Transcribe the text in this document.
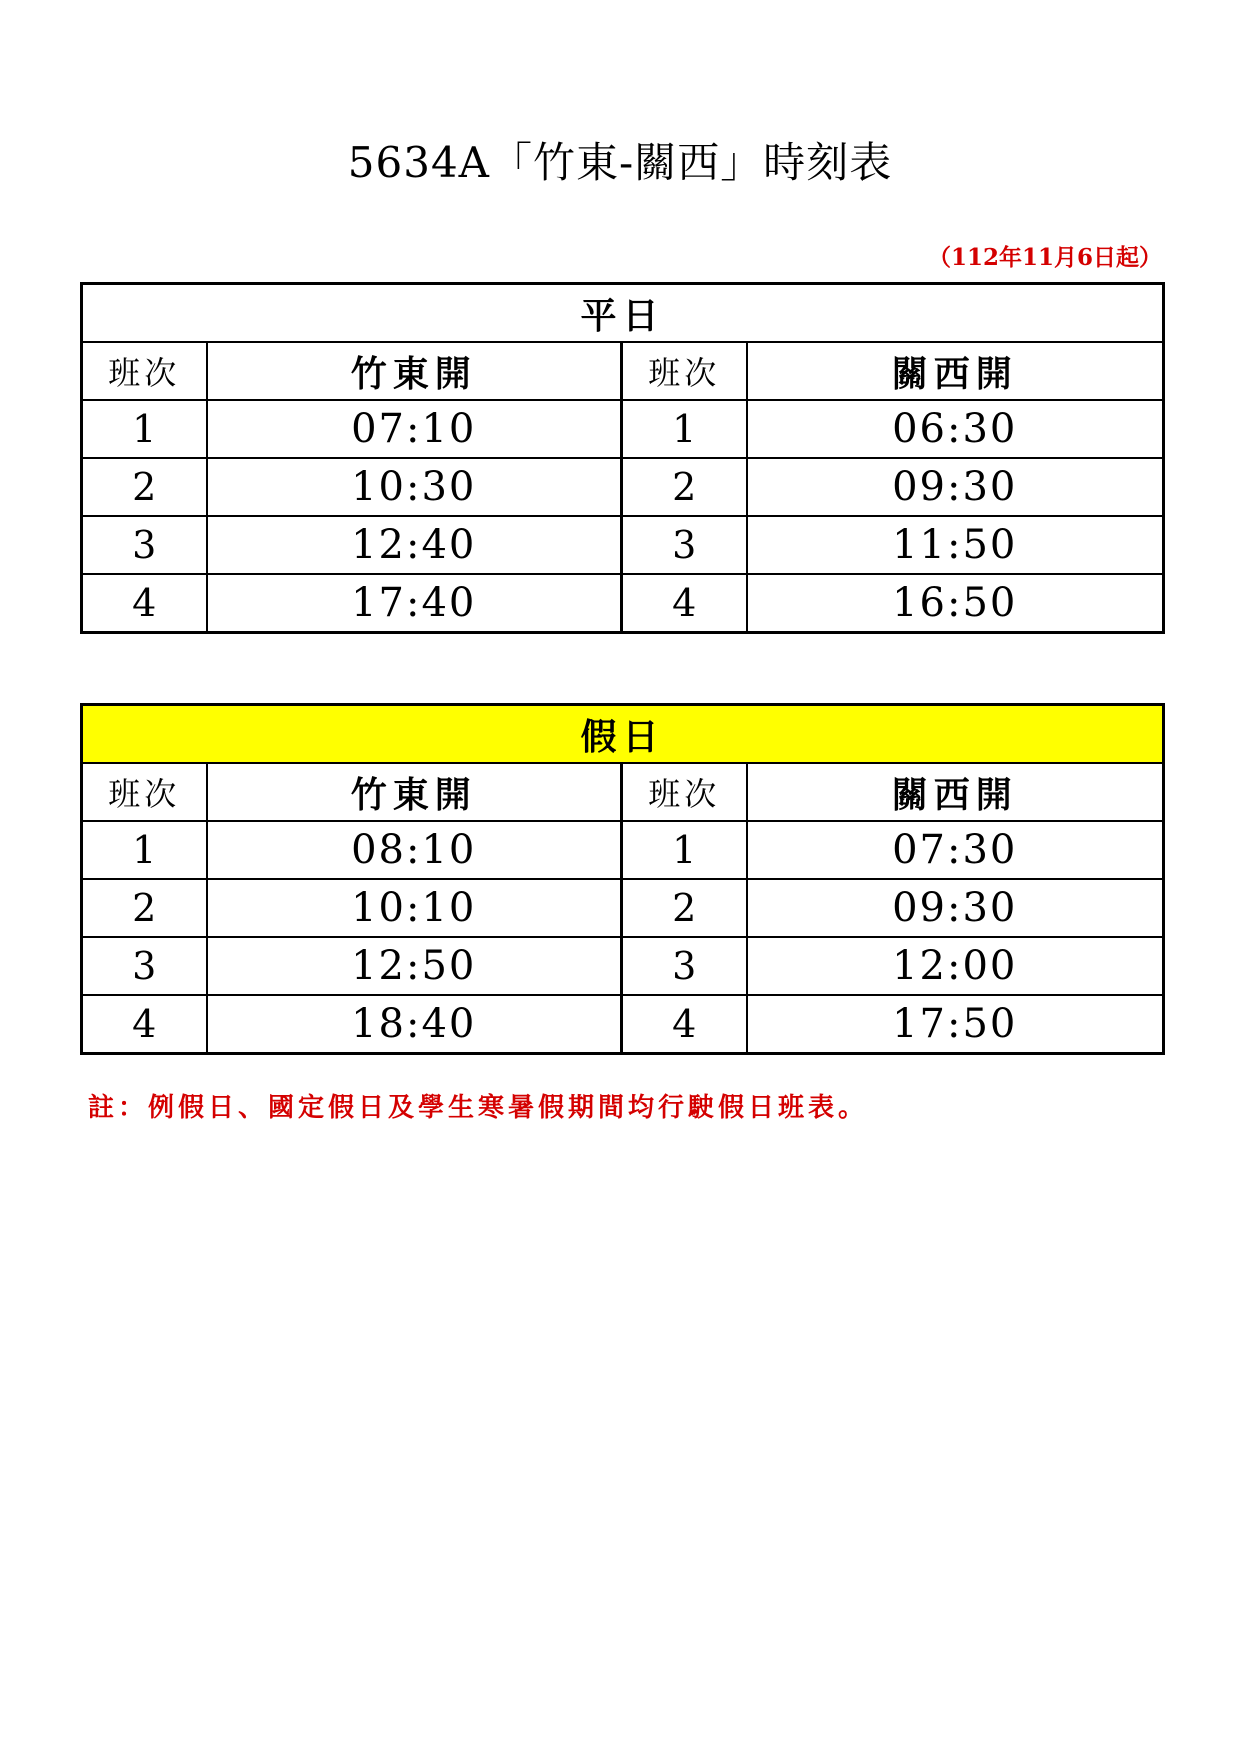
5634A「竹東-關西」時刻表
（112年11月6日起）
平日			
班次	竹東開	班次	關西開
1	07:10	1	06:30
2	10:30	2	09:30
3	12:40	3	11:50
4	17:40	4	16:50
假日			
班次	竹東開	班次	關西開
1	08:10	1	07:30
2	10:10	2	09:30
3	12:50	3	12:00
4	18:40	4	17:50
註：例假日、國定假日及學生寒暑假期間均行駛假日班表。
